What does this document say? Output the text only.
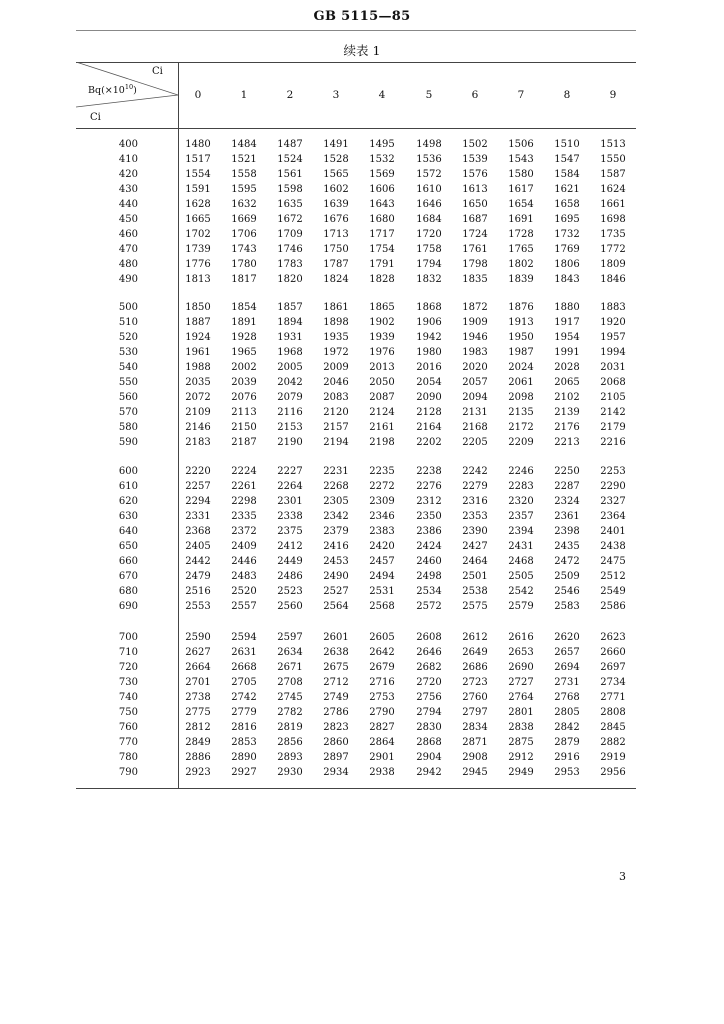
GB 5115—85
续表 1
Ci
$Bq(\times 10^{10})$
Ci
0	1	2	3	4	5	6	7	8	9
400	1480	1484	1487	1491	1495	1498	1502	1506	1510	1513
410	1517	1521	1524	1528	1532	1536	1539	1543	1547	1550
420	1554	1558	1561	1565	1569	1572	1576	1580	1584	1587
430	1591	1595	1598	1602	1606	1610	1613	1617	1621	1624
440	1628	1632	1635	1639	1643	1646	1650	1654	1658	1661
450	1665	1669	1672	1676	1680	1684	1687	1691	1695	1698
460	1702	1706	1709	1713	1717	1720	1724	1728	1732	1735
470	1739	1743	1746	1750	1754	1758	1761	1765	1769	1772
480	1776	1780	1783	1787	1791	1794	1798	1802	1806	1809
490	1813	1817	1820	1824	1828	1832	1835	1839	1843	1846
500	1850	1854	1857	1861	1865	1868	1872	1876	1880	1883
510	1887	1891	1894	1898	1902	1906	1909	1913	1917	1920
520	1924	1928	1931	1935	1939	1942	1946	1950	1954	1957
530	1961	1965	1968	1972	1976	1980	1983	1987	1991	1994
540	1988	2002	2005	2009	2013	2016	2020	2024	2028	2031
550	2035	2039	2042	2046	2050	2054	2057	2061	2065	2068
560	2072	2076	2079	2083	2087	2090	2094	2098	2102	2105
570	2109	2113	2116	2120	2124	2128	2131	2135	2139	2142
580	2146	2150	2153	2157	2161	2164	2168	2172	2176	2179
590	2183	2187	2190	2194	2198	2202	2205	2209	2213	2216
600	2220	2224	2227	2231	2235	2238	2242	2246	2250	2253
610	2257	2261	2264	2268	2272	2276	2279	2283	2287	2290
620	2294	2298	2301	2305	2309	2312	2316	2320	2324	2327
630	2331	2335	2338	2342	2346	2350	2353	2357	2361	2364
640	2368	2372	2375	2379	2383	2386	2390	2394	2398	2401
650	2405	2409	2412	2416	2420	2424	2427	2431	2435	2438
660	2442	2446	2449	2453	2457	2460	2464	2468	2472	2475
670	2479	2483	2486	2490	2494	2498	2501	2505	2509	2512
680	2516	2520	2523	2527	2531	2534	2538	2542	2546	2549
690	2553	2557	2560	2564	2568	2572	2575	2579	2583	2586
700	2590	2594	2597	2601	2605	2608	2612	2616	2620	2623
710	2627	2631	2634	2638	2642	2646	2649	2653	2657	2660
720	2664	2668	2671	2675	2679	2682	2686	2690	2694	2697
730	2701	2705	2708	2712	2716	2720	2723	2727	2731	2734
740	2738	2742	2745	2749	2753	2756	2760	2764	2768	2771
750	2775	2779	2782	2786	2790	2794	2797	2801	2805	2808
760	2812	2816	2819	2823	2827	2830	2834	2838	2842	2845
770	2849	2853	2856	2860	2864	2868	2871	2875	2879	2882
780	2886	2890	2893	2897	2901	2904	2908	2912	2916	2919
790	2923	2927	2930	2934	2938	2942	2945	2949	2953	2956
3
